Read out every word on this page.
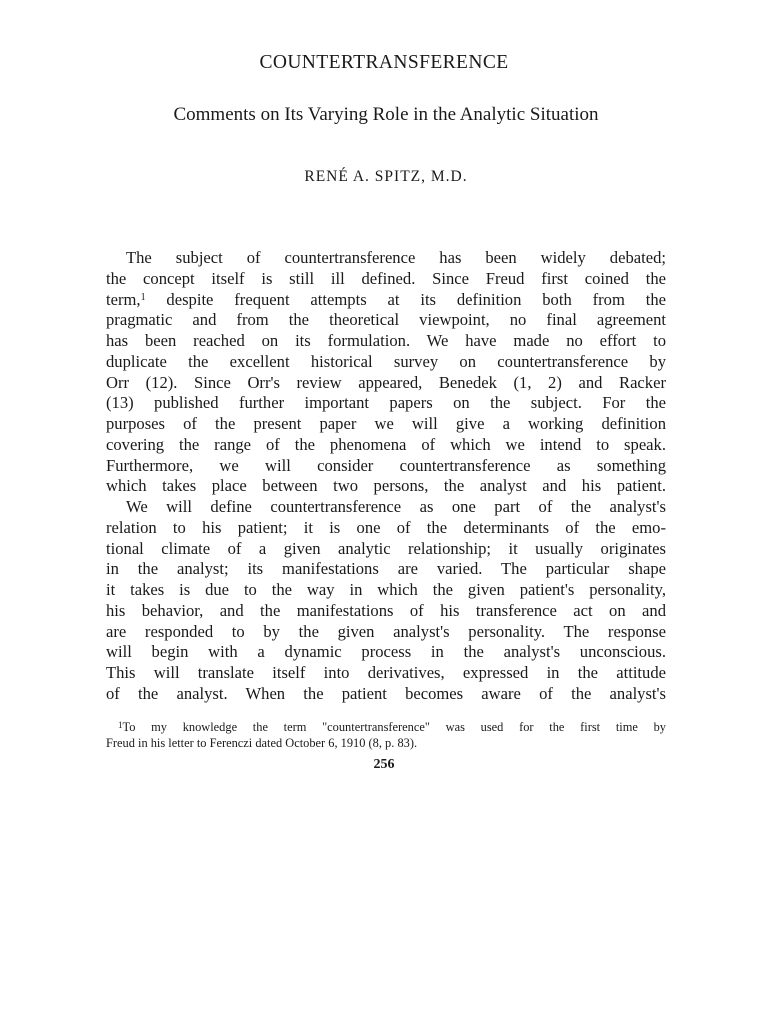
COUNTERTRANSFERENCE
Comments on Its Varying Role in the Analytic Situation
RENÉ A. SPITZ, M.D.
The subject of countertransference has been widely debated;
the concept itself is still ill defined. Since Freud first coined the
term,$^1$ despite frequent attempts at its definition both from the
pragmatic and from the theoretical viewpoint, no final agreement
has been reached on its formulation. We have made no effort to
duplicate the excellent historical survey on countertransference by
Orr (12). Since Orr's review appeared, Benedek (1, 2) and Racker
(13) published further important papers on the subject. For the
purposes of the present paper we will give a working definition
covering the range of the phenomena of which we intend to speak.
Furthermore, we will consider countertransference as something
which takes place between two persons, the analyst and his patient.
We will define countertransference as one part of the analyst's
relation to his patient; it is one of the determinants of the emo-
tional climate of a given analytic relationship; it usually originates
in the analyst; its manifestations are varied. The particular shape
it takes is due to the way in which the given patient's personality,
his behavior, and the manifestations of his transference act on and
are responded to by the given analyst's personality. The response
will begin with a dynamic process in the analyst's unconscious.
This will translate itself into derivatives, expressed in the attitude
of the analyst. When the patient becomes aware of the analyst's
$^1$To my knowledge the term "countertransference" was used for the first time by
Freud in his letter to Ferenczi dated October 6, 1910 (8, p. 83).
256
